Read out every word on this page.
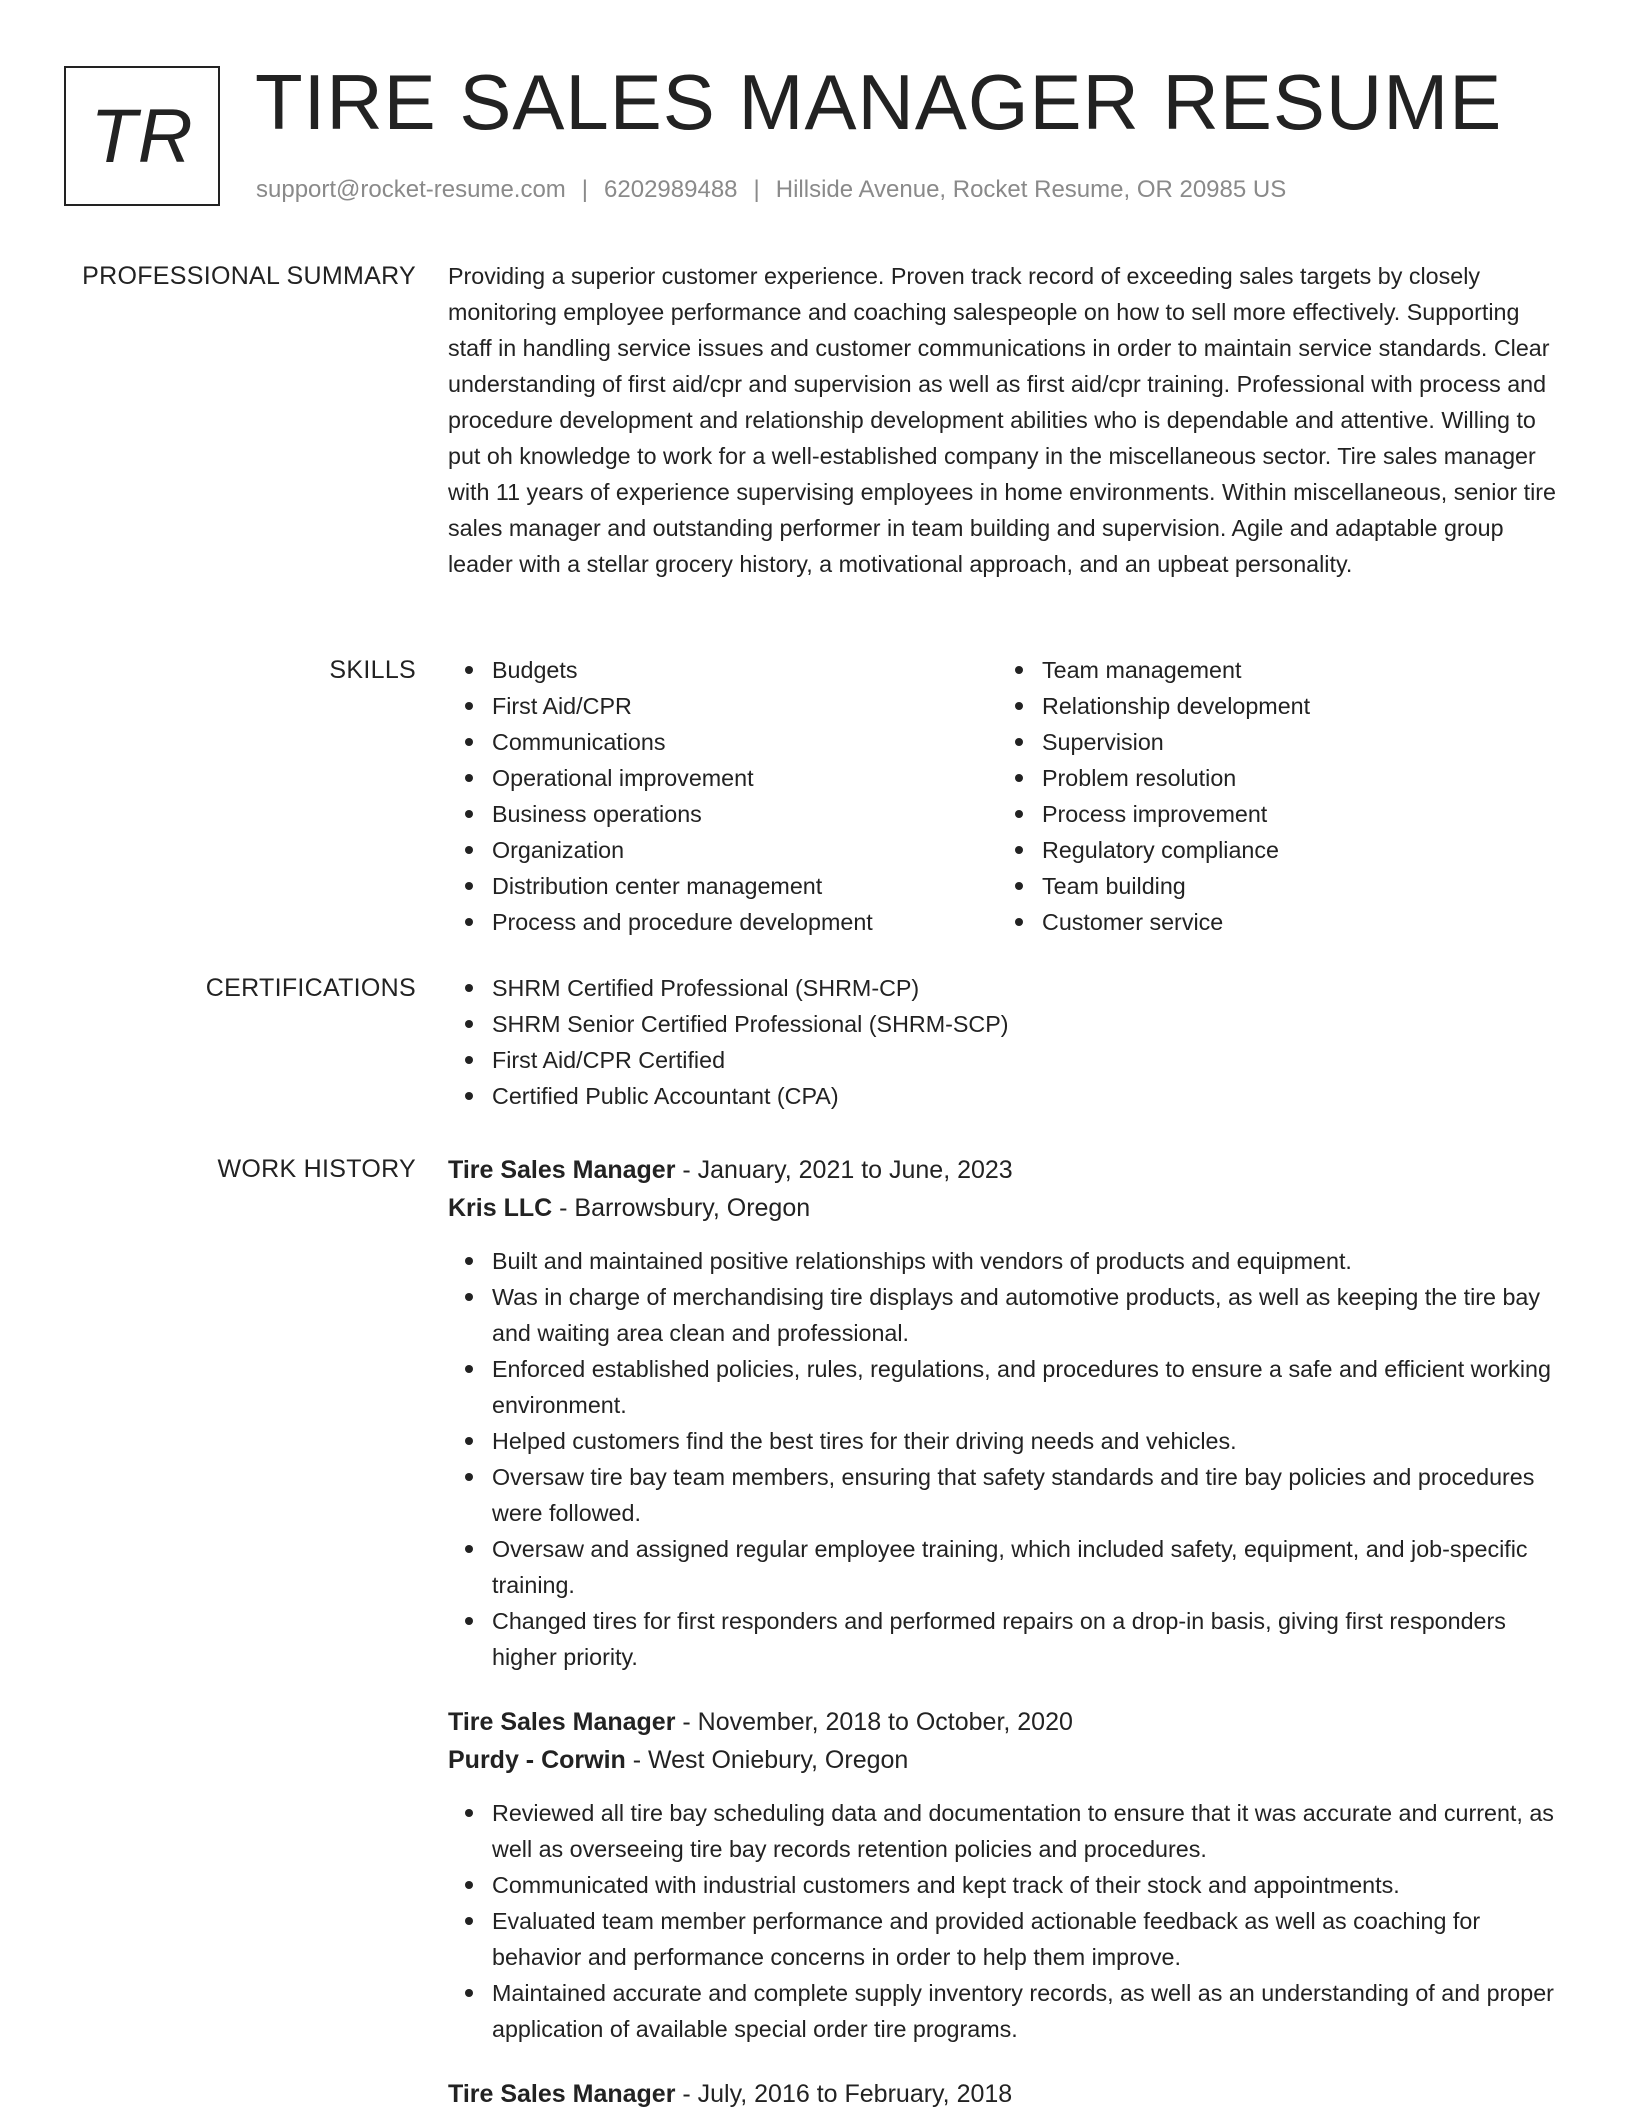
TR TIRE SALES MANAGER RESUME
support@rocket-resume.com | 6202989488 | Hillside Avenue, Rocket Resume, OR 20985 US
PROFESSIONAL SUMMARY Providing a superior customer experience. Proven track record of exceeding sales targets by closely monitoring employee performance and coaching salespeople on how to sell more effectively. Supporting staff in handling service issues and customer communications in order to maintain service standards. Clear understanding of first aid/cpr and supervision as well as first aid/cpr training. Professional with process and procedure development and relationship development abilities who is dependable and attentive. Willing to put oh knowledge to work for a well-established company in the miscellaneous sector. Tire sales manager with 11 years of experience supervising employees in home environments. Within miscellaneous, senior tire sales manager and outstanding performer in team building and supervision. Agile and adaptable group leader with a stellar grocery history, a motivational approach, and an upbeat personality.
SKILLS	Budgets
First Aid/CPR
Communications
Operational improvement
Business operations
Organization
Distribution center management
Process and procedure development
Team management
Relationship development
Supervision
Problem resolution
Process improvement
Regulatory compliance
Team building
Customer service
CERTIFICATIONS	SHRM Certified Professional (SHRM-CP)
SHRM Senior Certified Professional (SHRM-SCP)
First Aid/CPR Certified
Certified Public Accountant (CPA)
WORK HISTORY Tire Sales Manager - January, 2021 to June, 2023
Kris LLC - Barrowsbury, Oregon
Built and maintained positive relationships with vendors of products and equipment.
Was in charge of merchandising tire displays and automotive products, as well as keeping the tire bay and waiting area clean and professional.
Enforced established policies, rules, regulations, and procedures to ensure a safe and efficient working environment.
Helped customers find the best tires for their driving needs and vehicles.
Oversaw tire bay team members, ensuring that safety standards and tire bay policies and procedures were followed.
Oversaw and assigned regular employee training, which included safety, equipment, and job-specific training.
Changed tires for first responders and performed repairs on a drop-in basis, giving first responders higher priority.
Tire Sales Manager - November, 2018 to October, 2020
Purdy - Corwin - West Oniebury, Oregon
Reviewed all tire bay scheduling data and documentation to ensure that it was accurate and current, as well as overseeing tire bay records retention policies and procedures.
Communicated with industrial customers and kept track of their stock and appointments.
Evaluated team member performance and provided actionable feedback as well as coaching for behavior and performance concerns in order to help them improve.
Maintained accurate and complete supply inventory records, as well as an understanding of and proper application of available special order tire programs.
Tire Sales Manager - July, 2016 to February, 2018
